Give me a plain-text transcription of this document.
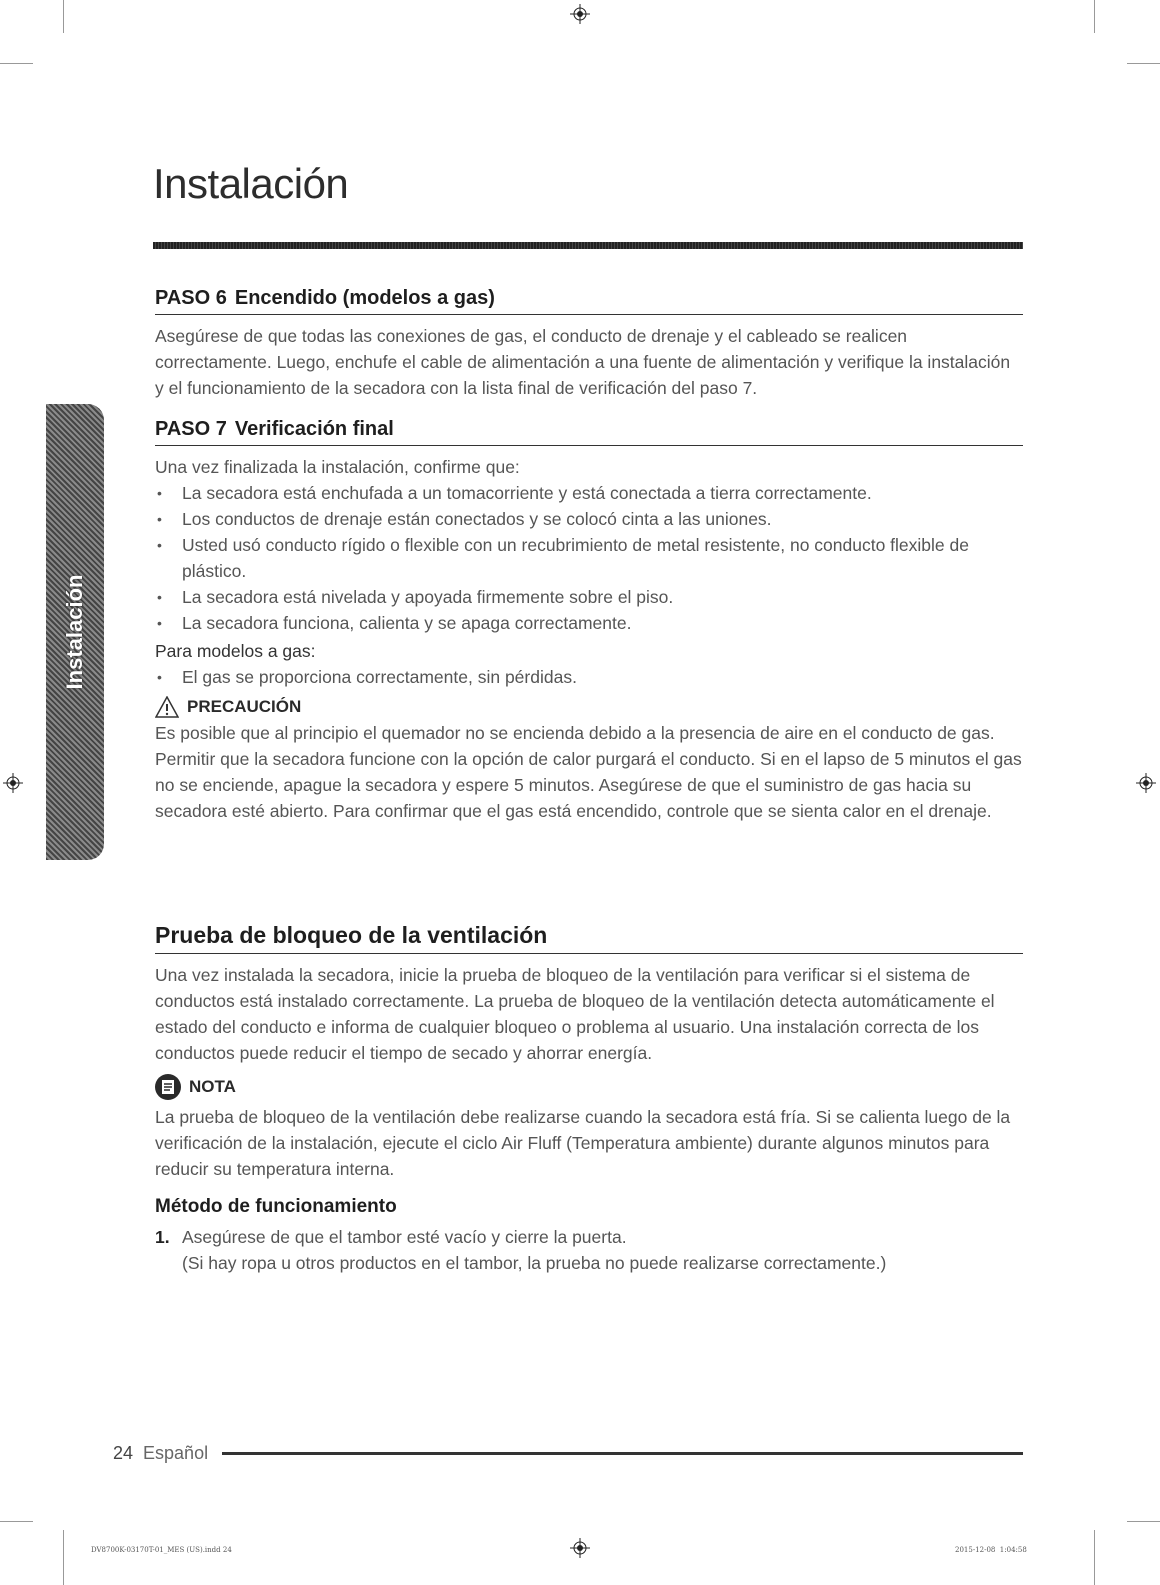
Instalación
Instalación
PASO 6 Encendido (modelos a gas)

Asegúrese de que todas las conexiones de gas, el conducto de drenaje y el cableado se realicen correctamente. Luego, enchufe el cable de alimentación a una fuente de alimentación y verifique la instalación y el funcionamiento de la secadora con la lista final de verificación del paso 7.

PASO 7 Verificación final

Una vez finalizada la instalación, confirme que:

• La secadora está enchufada a un tomacorriente y está conectada a tierra correctamente.
• Los conductos de drenaje están conectados y se colocó cinta a las uniones.
• Usted usó conducto rígido o flexible con un recubrimiento de metal resistente, no conducto flexible de plástico.
• La secadora está nivelada y apoyada firmemente sobre el piso.
• La secadora funciona, calienta y se apaga correctamente.
Para modelos a gas:
• El gas se proporciona correctamente, sin pérdidas.
PRECAUCIÓN

Es posible que al principio el quemador no se encienda debido a la presencia de aire en el conducto de gas. Permitir que la secadora funcione con la opción de calor purgará el conducto. Si en el lapso de 5 minutos el gas no se enciende, apague la secadora y espere 5 minutos. Asegúrese de que el suministro de gas hacia su secadora esté abierto. Para confirmar que el gas está encendido, controle que se sienta calor en el drenaje.

Prueba de bloqueo de la ventilación

Una vez instalada la secadora, inicie la prueba de bloqueo de la ventilación para verificar si el sistema de conductos está instalado correctamente. La prueba de bloqueo de la ventilación detecta automáticamente el estado del conducto e informa de cualquier bloqueo o problema al usuario. Una instalación correcta de los conductos puede reducir el tiempo de secado y ahorrar energía.

NOTA

La prueba de bloqueo de la ventilación debe realizarse cuando la secadora está fría. Si se calienta luego de la verificación de la instalación, ejecute el ciclo Air Fluff (Temperatura ambiente) durante algunos minutos para reducir su temperatura interna.

Método de funcionamiento
1. Asegúrese de que el tambor esté vacío y cierre la puerta.

(Si hay ropa u otros productos en el tambor, la prueba no puede realizarse correctamente.)

24 Español
DV8700K-03170T-01_MES (US).indd 24	2015-12-08 ￼ 1:04:58
